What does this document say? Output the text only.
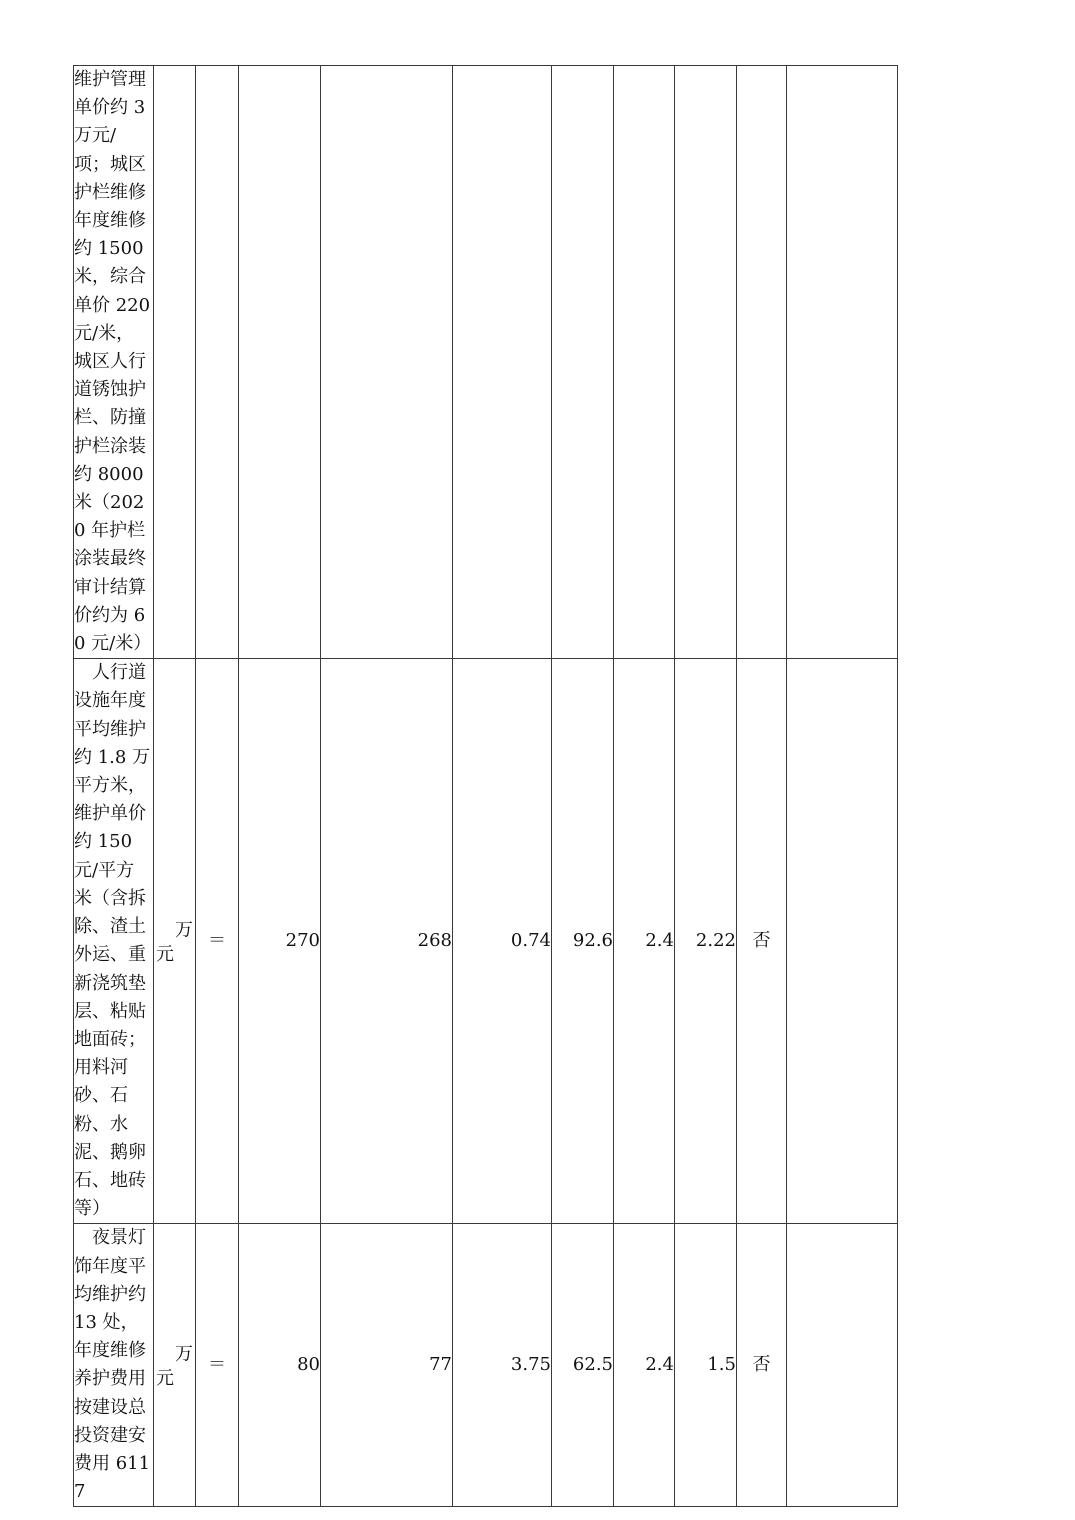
维护管理单价约 3 万元/项；城区护栏维修年度维修约 1500 米，综合单价 220 元/米，城区人行道锈蚀护栏、防撞护栏涂装约 8000 米（2020 年护栏涂装最终审计结算价约为 60 元/米）										

　人行道设施年度平均维护约 1.8 万平方米，维护单价约 150 元/平方米（含拆除、渣土外运、重新浇筑垫层、粘贴地面砖；用料河砂、石粉、水泥、鹅卵石、地砖等）	万
元	＝	270	268	0.74	92.6	2.4	2.22	否	

　夜景灯饰年度平均维护约 13 处，年度维修养护费用按建设总投资建安费用 6117	万
元	＝	80	77	3.75	62.5	2.4	1.5	否	
